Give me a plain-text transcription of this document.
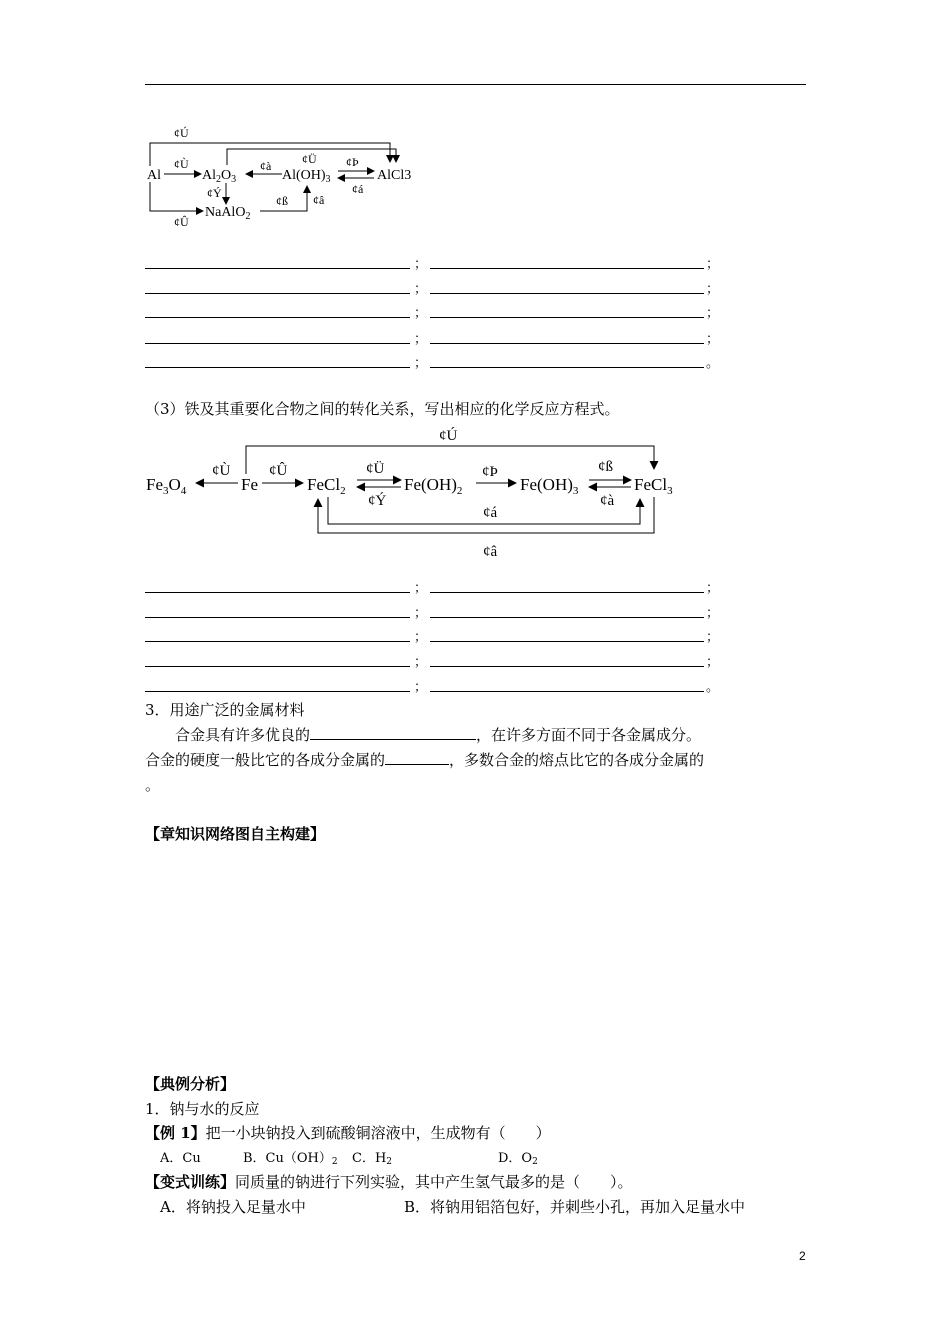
Al	$Al_2O_3$	$Al(OH)_3$	AlCl3
NaAlO$_2$
¢Ú
¢Ù	¢à	¢Ü ¢Þ
¢á
¢Ý
¢ß ¢â
¢Û
；	；
；	；
；	；
；	；
；	。
（3）铁及其重要化合物之间的转化关系，写出相应的化学反应方程式。
$Fe_3O_4$	Fe	FeCl$_2$	$Fe(OH)_2$	$Fe(OH)_3$	FeCl$_3$
¢Ú
¢Ù	¢Û	¢Ü
¢Ý
¢Þ	¢ß
¢à
¢á
¢â
；	；
；	；
；	；
；	；
；	。
3．用途广泛的金属材料
合金具有许多优良的	，在许多方面不同于各金属成分。
合金的硬度一般比它的各成分金属的	，多数合金的熔点比它的各成分金属的
。
【章知识网络图自主构建】
【典例分析】
1．钠与水的反应
【例 1】把一小块钠投入到硫酸铜溶液中，生成物有（　　）
A．Cu	B．$Cu(OH)_2$ C．$H_2$	D．$O_2$
【变式训练】同质量的钠进行下列实验，其中产生氢气最多的是（　　）。
A．将钠投入足量水中	B．将钠用铝箔包好，并刺些小孔，再加入足量水中
2
